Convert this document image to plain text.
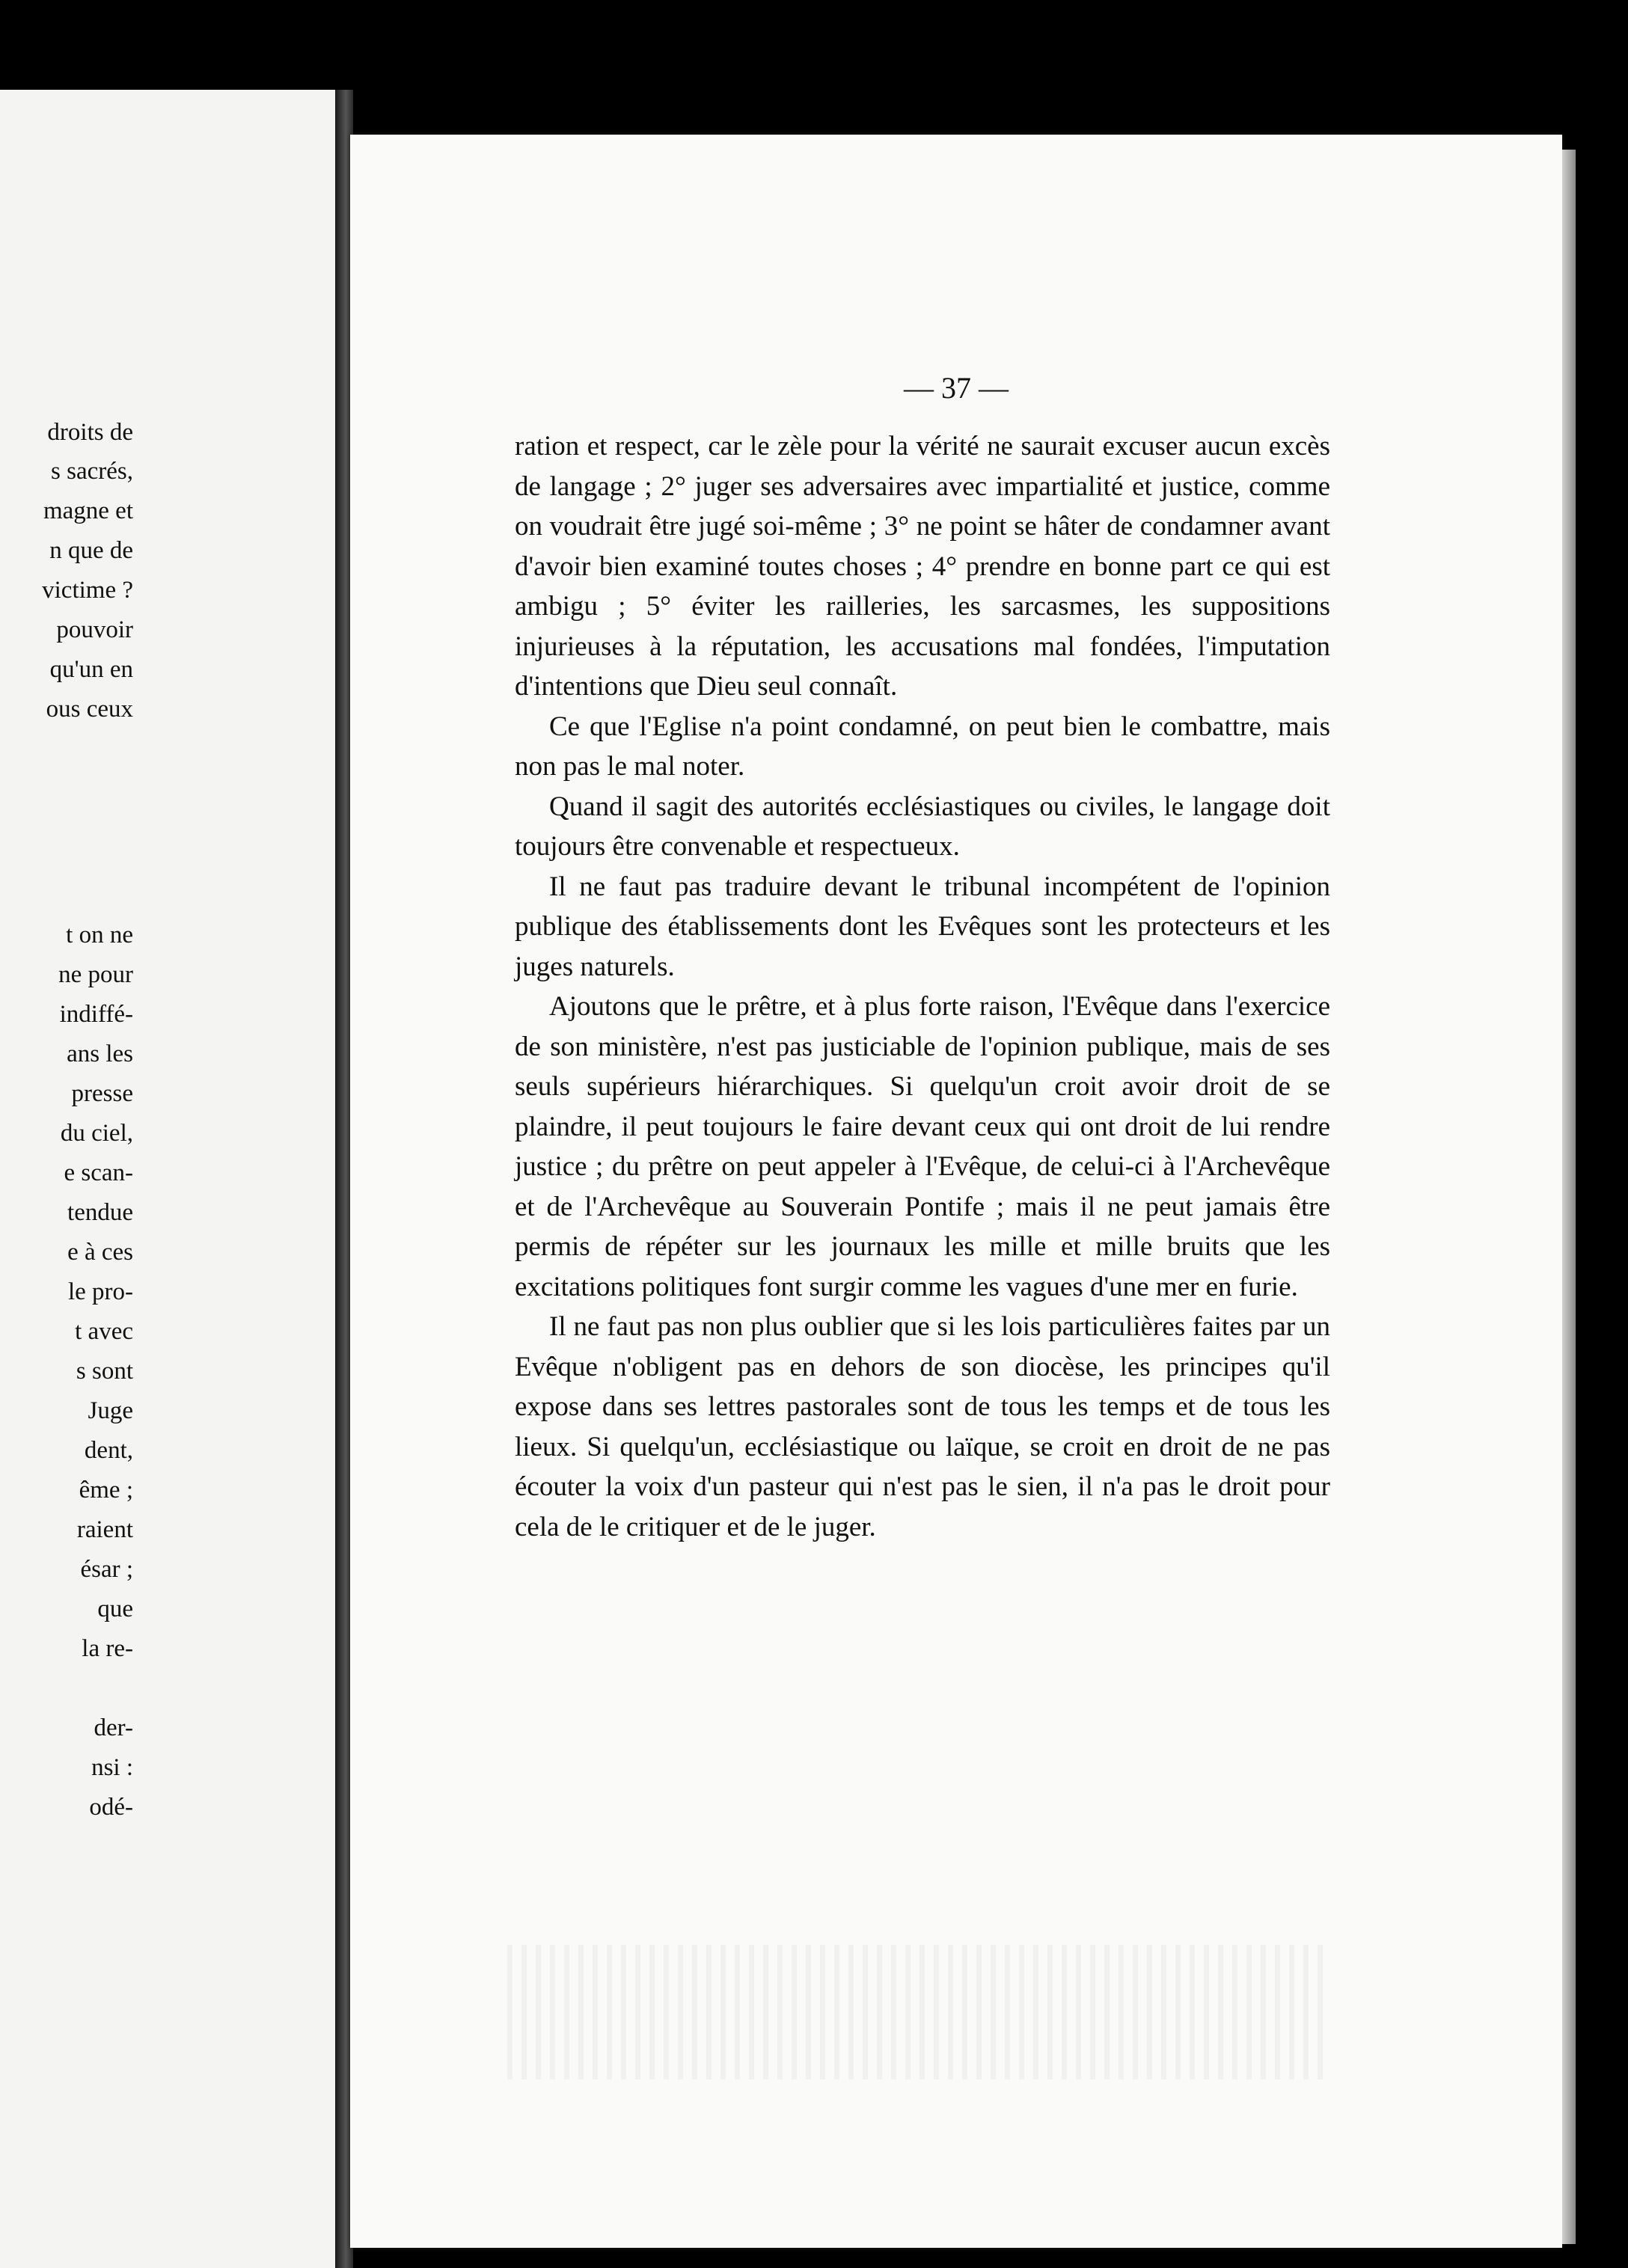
droits de
s sacrés,
magne et
n que de
victime ?
pouvoir
qu'un en
ous ceux
t on ne
ne pour
indiffé-
ans les
presse
du ciel,
e scan-
tendue
e à ces
le pro-
t avec
s sont
Juge
dent,
ême ;
raient
ésar ;
que
la re-
der-
nsi :
odé-
— 37 —

ration et respect, car le zèle pour la vérité ne saurait excuser aucun excès de langage ; 2° juger ses adversaires avec impartialité et justice, comme on voudrait être jugé soi-même ; 3° ne point se hâter de condamner avant d'avoir bien examiné toutes choses ; 4° prendre en bonne part ce qui est ambigu ; 5° éviter les railleries, les sarcasmes, les suppositions injurieuses à la réputation, les accusations mal fondées, l'imputation d'intentions que Dieu seul connaît.

Ce que l'Eglise n'a point condamné, on peut bien le combattre, mais non pas le mal noter.

Quand il sagit des autorités ecclésiastiques ou civiles, le langage doit toujours être convenable et respectueux.

Il ne faut pas traduire devant le tribunal incompétent de l'opinion publique des établissements dont les Evêques sont les protecteurs et les juges naturels.

Ajoutons que le prêtre, et à plus forte raison, l'Evêque dans l'exercice de son ministère, n'est pas justiciable de l'opinion publique, mais de ses seuls supérieurs hiérarchiques. Si quelqu'un croit avoir droit de se plaindre, il peut toujours le faire devant ceux qui ont droit de lui rendre justice ; du prêtre on peut appeler à l'Evêque, de celui-ci à l'Archevêque et de l'Archevêque au Souverain Pontife ; mais il ne peut jamais être permis de répéter sur les journaux les mille et mille bruits que les excitations politiques font surgir comme les vagues d'une mer en furie.

Il ne faut pas non plus oublier que si les lois particulières faites par un Evêque n'obligent pas en dehors de son diocèse, les principes qu'il expose dans ses lettres pastorales sont de tous les temps et de tous les lieux. Si quelqu'un, ecclésiastique ou laïque, se croit en droit de ne pas écouter la voix d'un pasteur qui n'est pas le sien, il n'a pas le droit pour cela de le critiquer et de le juger.
